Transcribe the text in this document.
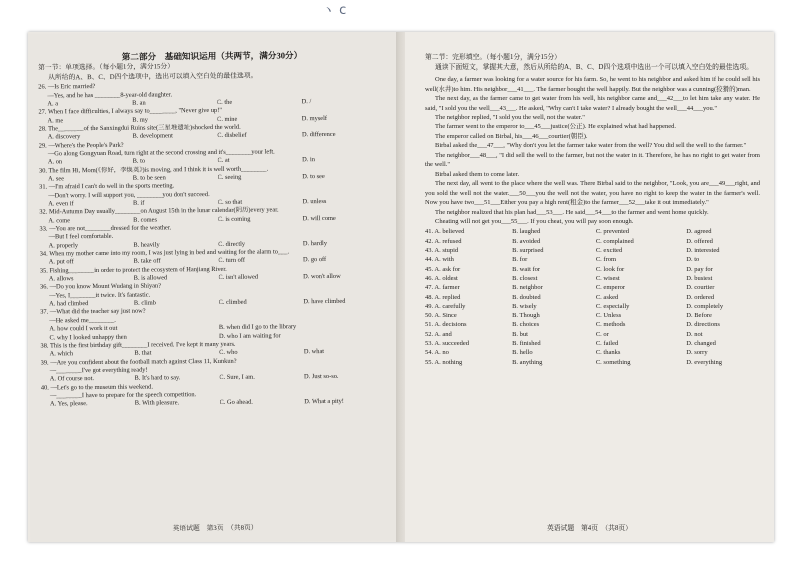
ヽ c
第二部分　基础知识运用（共两节，满分30分）
第一节：单项选择。（每小题1分，满分15分）
从所给的A、B、C、D四个选项中，选出可以填入空白处的最佳选项。
26. —Is Eric married?
—Yes, and he has ________8-year-old daughter.
A. a	B. an	C. the	D. /
27. When I face difficulties, I always say to________, "Never give up!"
A. me	B. my	C. mine	D. myself
28. The________of the Sanxingdui Ruins site(三星堆遗址)shocked the world.
A. discovery	B. development	C. disbelief	D. difference
29. —Where's the People's Park?
—Go along Gongyuan Road, turn right at the second crossing and it's________your left.
A. on	B. to	C. at	D. in
30. The film Hi, Mom(《你好，李焕英》)is moving, and I think it is well worth________.
A. see	B. to be seen	C. seeing	D. to see
31. —I'm afraid I can't do well in the sports meeting.
—Don't worry. I will support you, ________you don't succeed.
A. even if	B. if	C. so that	D. unless
32. Mid-Autumn Day usually________on August 15th in the lunar calendar(阴历)every year.
A. come	B. comes	C. is coming	D. will come
33. —You are not________dressed for the weather.
—But I feel comfortable.
A. properly	B. heavily	C. directly	D. hardly
34. When my mother came into my room, I was just lying in bed and waiting for the alarm to___.
A. put off	B. take off	C. turn off	D. go off
35. Fishing________in order to protect the ecosystem of Hanjiang River.
A. allows	B. is allowed	C. isn't allowed	D. won't allow
36. —Do you know Mount Wudang in Shiyan?
—Yes, I________it twice. It's fantastic.
A. had climbed	B. climb	C. climbed	D. have climbed
37. —What did the teacher say just now?
—He asked me________.
A. how could I work it out	B. when did I go to the library
C. why I looked unhappy then	D. who I am waiting for
38. This is the first birthday gift________I received. I've kept it many years.
A. which	B. that	C. who	D. what
39. —Are you confident about the football match against Class 11, Kunkun?
—________I've got everything ready!
A. Of course not.	B. It's hard to say.	C. Sure, I am.	D. Just so-so.
40. —Let's go to the museum this weekend.
—________I have to prepare for the speech competition.
A. Yes, please.	B. With pleasure.	C. Go ahead.	D. What a pity!
英语试题　第3页　（共8页）
第二节：完形填空。（每小题1分，满分15分）
通读下面短文，掌握其大意，然后从所给的A、B、C、D四个选项中选出一个可以填入空白处的最佳选项。
One day, a farmer was looking for a water source for his farm. So, he went to his neighbor and asked him if he could sell his well(水井)to him. His neighbor___41___. The farmer bought the well happily. But the neighbor was a cunning(狡猾的)man.
The next day, as the farmer came to get water from his well, his neighbor came and___42___to let him take any water. He said, "I sold you the well___43___. He asked, "Why can't I take water? I already bought the well___44___you."
The neighbor replied, "I sold you the well, not the water."
The farmer went to the emperor to___45___justice(公正). He explained what had happened.
The emperor called on Birbal, his___46___courtier(朝臣).
Birbal asked the___47___, "Why don't you let the farmer take water from the well? You did sell the well to the farmer."
The neighbor___48___, "I did sell the well to the farmer, but not the water in it. Therefore, he has no right to get water from the well."
Birbal asked them to come later.
The next day, all went to the place where the well was. There Birbal said to the neighbor, "Look, you are___49___right, and you sold the well not the water.___50___you the well not the water, you have no right to keep the water in the farmer's well. Now you have two___51___Either you pay a high rent(租金)to the farmer___52___take it out immediately."
The neighbor realized that his plan had___53___. He said___54___to the farmer and went home quickly.
Cheating will not get you___55___. If you cheat, you will pay soon enough.
41. A. believed	B. laughed	C. prevented	D. agreed
42. A. refused	B. avoided	C. complained	D. offered
43. A. stupid	B. surprised	C. excited	D. interested
44. A. with	B. for	C. from	D. to
45. A. ask for	B. wait for	C. look for	D. pay for
46. A. oldest	B. closest	C. wisest	D. busiest
47. A. farmer	B. neighbor	C. emperor	D. courtier
48. A. replied	B. doubted	C. asked	D. ordered
49. A. carefully	B. wisely	C. especially	D. completely
50. A. Since	B. Though	C. Unless	D. Before
51. A. decisions	B. choices	C. methods	D. directions
52. A. and	B. but	C. or	D. not
53. A. succeeded	B. finished	C. failed	D. changed
54. A. no	B. hello	C. thanks	D. sorry
55. A. nothing	B. anything	C. something	D. everything
英语试题　第4页　（共8页）
